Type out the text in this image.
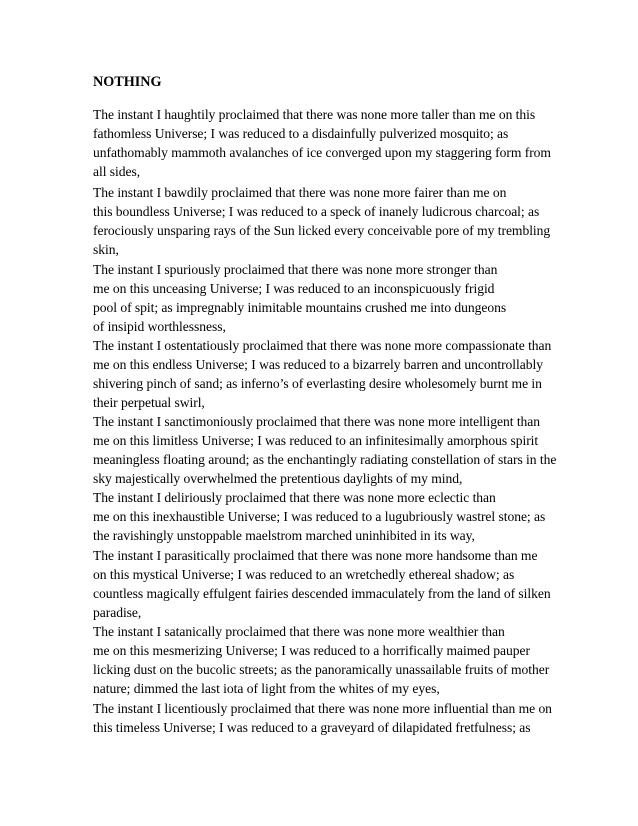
NOTHING
The instant I haughtily proclaimed that there was none more taller than me on this
fathomless Universe; I was reduced to a disdainfully pulverized mosquito; as
unfathomably mammoth avalanches of ice converged upon my staggering form from
all sides,
The instant I bawdily proclaimed that there was none more fairer than me on
this boundless Universe; I was reduced to a speck of inanely ludicrous charcoal; as
ferociously unsparing rays of the Sun licked every conceivable pore of my trembling
skin,
The instant I spuriously proclaimed that there was none more stronger than
me on this unceasing Universe; I was reduced to an inconspicuously frigid
pool of spit; as impregnably inimitable mountains crushed me into dungeons
of insipid worthlessness,
The instant I ostentatiously proclaimed that there was none more compassionate than
me on this endless Universe; I was reduced to a bizarrely barren and uncontrollably
shivering pinch of sand; as inferno’s of everlasting desire wholesomely burnt me in
their perpetual swirl,
The instant I sanctimoniously proclaimed that there was none more intelligent than
me on this limitless Universe; I was reduced to an infinitesimally amorphous spirit
meaningless floating around; as the enchantingly radiating constellation of stars in the
sky majestically overwhelmed the pretentious daylights of my mind,
The instant I deliriously proclaimed that there was none more eclectic than
me on this inexhaustible Universe; I was reduced to a lugubriously wastrel stone; as
the ravishingly unstoppable maelstrom marched uninhibited in its way,
The instant I parasitically proclaimed that there was none more handsome than me
on this mystical Universe; I was reduced to an wretchedly ethereal shadow; as
countless magically effulgent fairies descended immaculately from the land of silken
paradise,
The instant I satanically proclaimed that there was none more wealthier than
me on this mesmerizing Universe; I was reduced to a horrifically maimed pauper
licking dust on the bucolic streets; as the panoramically unassailable fruits of mother
nature; dimmed the last iota of light from the whites of my eyes,
The instant I licentiously proclaimed that there was none more influential than me on
this timeless Universe; I was reduced to a graveyard of dilapidated fretfulness; as
